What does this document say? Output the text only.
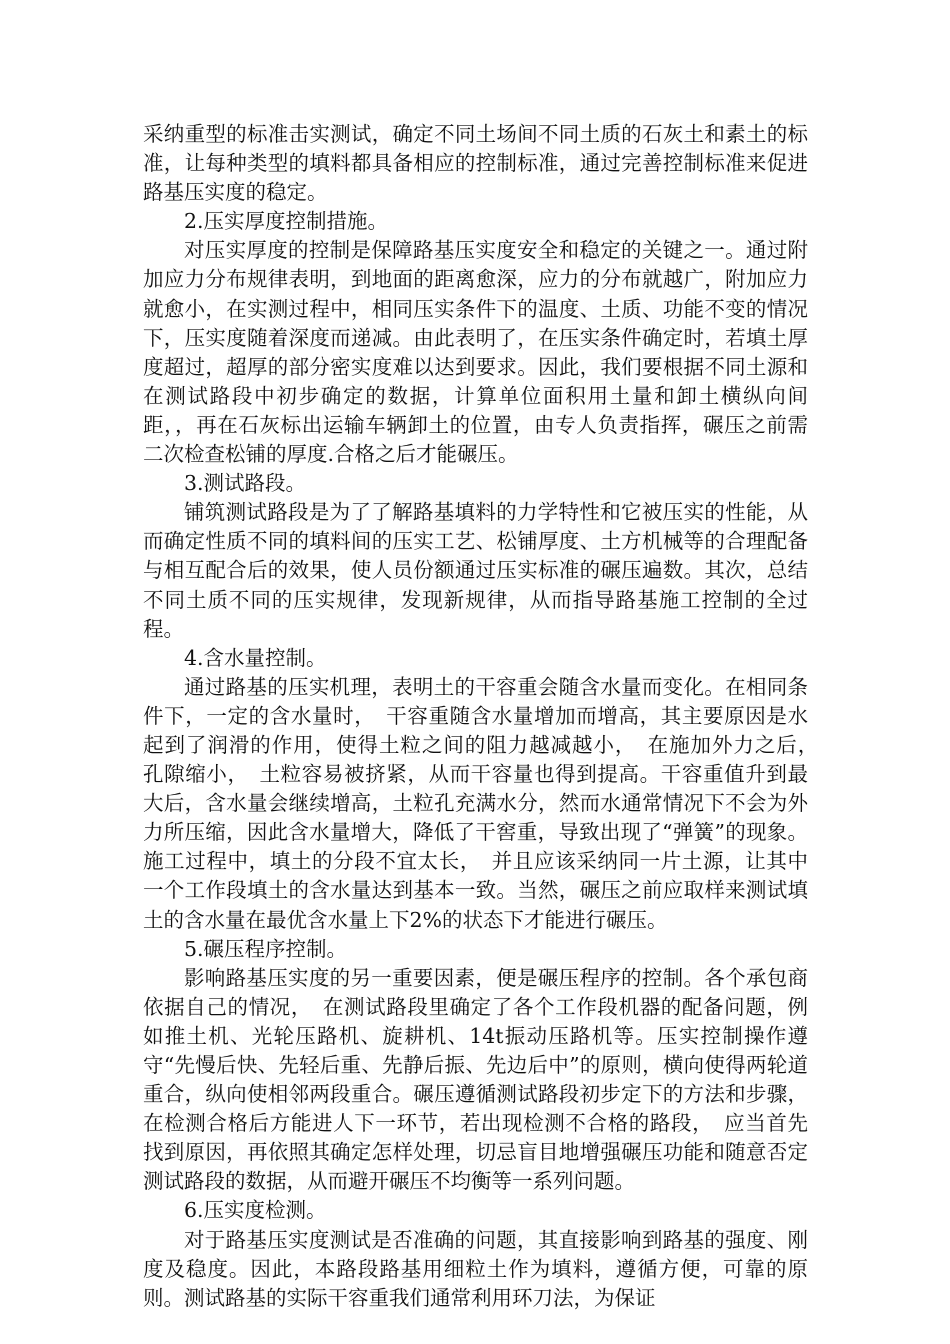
采纳重型的标准击实测试，确定不同土场间不同土质的石灰土和素土的标准，让每种类型的填料都具备相应的控制标准，通过完善控制标准来促进路基压实度的稳定。

2.压实厚度控制措施。

对压实厚度的控制是保障路基压实度安全和稳定的关键之一。通过附加应力分布规律表明，到地面的距离愈深，应力的分布就越广，附加应力就愈小，在实测过程中，相同压实条件下的温度、土质、功能不变的情况下，压实度随着深度而递减。由此表明了，在压实条件确定时，若填土厚度超过，超厚的部分密实度难以达到要求。因此，我们要根据不同土源和在测试路段中初步确定的数据，计算单位面积用土量和卸土横纵向间距，，再在石灰标出运输车辆卸土的位置，由专人负责指挥，碾压之前需二次检查松铺的厚度.合格之后才能碾压。

3.测试路段。

铺筑测试路段是为了了解路基填料的力学特性和它被压实的性能，从而确定性质不同的填料间的压实工艺、松铺厚度、土方机械等的合理配备与相互配合后的效果，使人员份额通过压实标准的碾压遍数。其次，总结不同土质不同的压实规律，发现新规律，从而指导路基施工控制的全过程。

4.含水量控制。

通过路基的压实机理，表明土的干容重会随含水量而变化。在相同条件下，一定的含水量时，　干容重随含水量增加而增高，其主要原因是水起到了润滑的作用，使得土粒之间的阻力越减越小，　在施加外力之后，　孔隙缩小，　土粒容易被挤紧，从而干容量也得到提高。干容重值升到最大后，含水量会继续增高，土粒孔充满水分，然而水通常情况下不会为外力所压缩，因此含水量增大，降低了干窖重，导致出现了“弹簧”的现象。施工过程中，填土的分段不宜太长，　并且应该采纳同一片土源，让其中一个工作段填土的含水量达到基本一致。当然，碾压之前应取样来测试填土的含水量在最优含水量上下2%的状态下才能进行碾压。

5.碾压程序控制。

影响路基压实度的另一重要因素，便是碾压程序的控制。各个承包商依据自己的情况，　在测试路段里确定了各个工作段机器的配备问题，例如推土机、光轮压路机、旋耕机、14t振动压路机等。压实控制操作遵守“先慢后快、先轻后重、先静后振、先边后中”的原则，横向使得两轮道重合，纵向使相邻两段重合。碾压遵循测试路段初步定下的方法和步骤，在检测合格后方能进人下一环节，若出现检测不合格的路段，　应当首先找到原因，再依照其确定怎样处理，切忌盲目地增强碾压功能和随意否定测试路段的数据，从而避开碾压不均衡等一系列问题。

6.压实度检测。

对于路基压实度测试是否准确的问题，其直接影响到路基的强度、刚度及稳度。因此，本路段路基用细粒土作为填料，遵循方便，可靠的原则。测试路基的实际干容重我们通常利用环刀法，为保证
